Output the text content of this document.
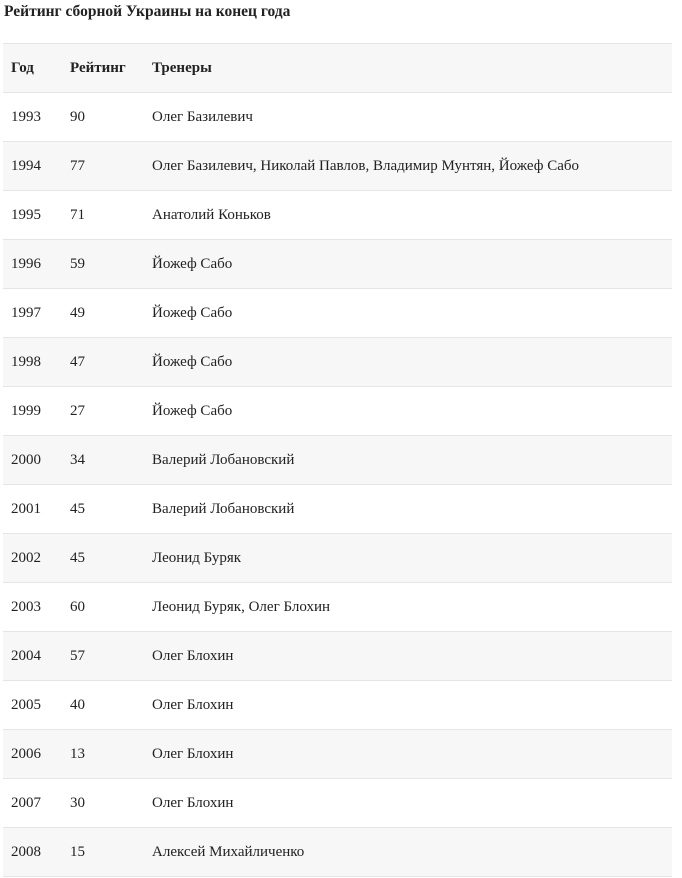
Рейтинг сборной Украины на конец года
Год	Рейтинг	Тренеры
1993	90	Олег Базилевич
1994	77	Олег Базилевич, Николай Павлов, Владимир Мунтян, Йожеф Сабо
1995	71	Анатолий Коньков
1996	59	Йожеф Сабо
1997	49	Йожеф Сабо
1998	47	Йожеф Сабо
1999	27	Йожеф Сабо
2000	34	Валерий Лобановский
2001	45	Валерий Лобановский
2002	45	Леонид Буряк
2003	60	Леонид Буряк, Олег Блохин
2004	57	Олег Блохин
2005	40	Олег Блохин
2006	13	Олег Блохин
2007	30	Олег Блохин
2008	15	Алексей Михайличенко
